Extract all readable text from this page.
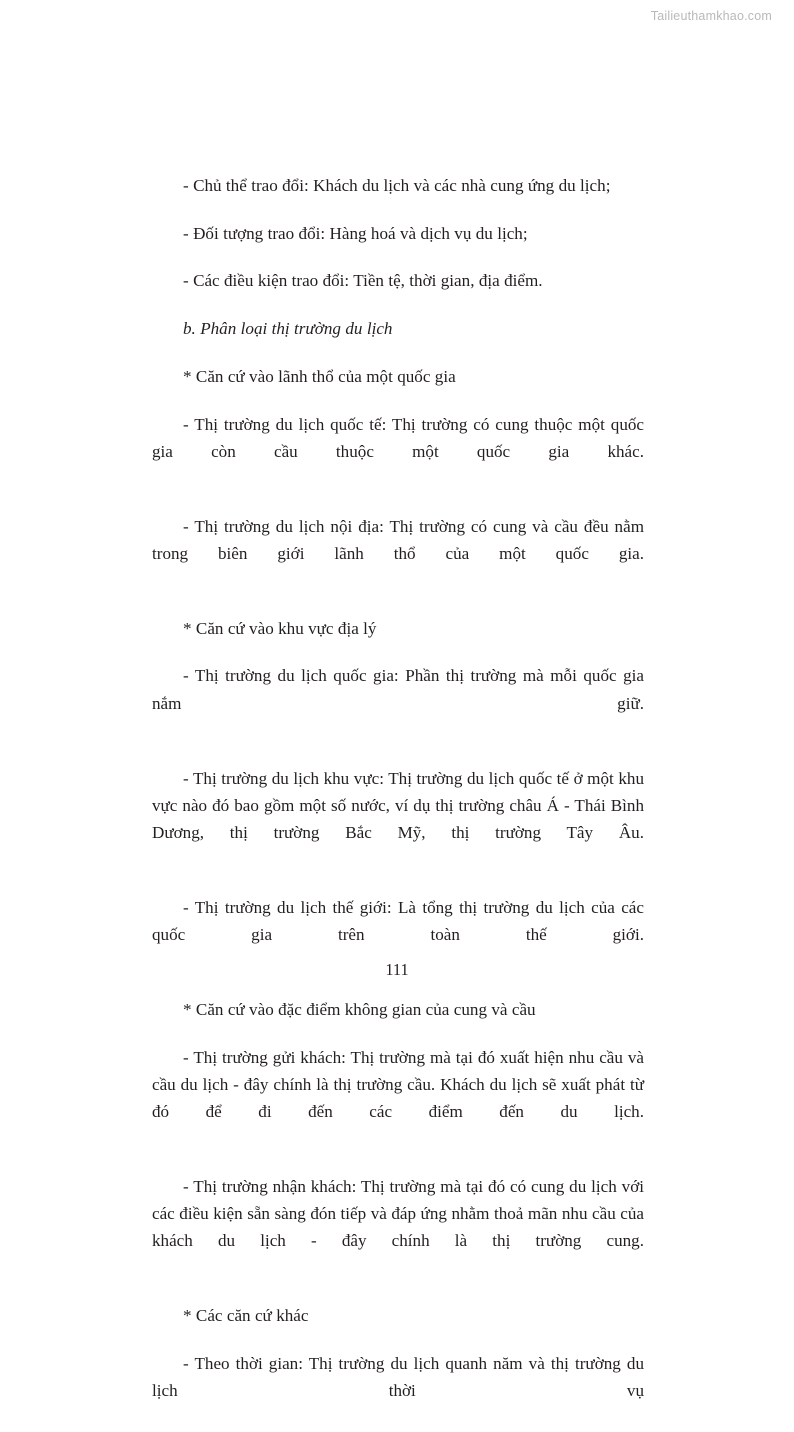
Tailieuthamkhao.com

- Chủ thể trao đổi: Khách du lịch và các nhà cung ứng du lịch;

- Đối tượng trao đổi: Hàng hoá và dịch vụ du lịch;

- Các điều kiện trao đổi: Tiền tệ, thời gian, địa điểm.

b. Phân loại thị trường du lịch

* Căn cứ vào lãnh thổ của một quốc gia

- Thị trường du lịch quốc tế: Thị trường có cung thuộc một quốc gia còn cầu thuộc một quốc gia khác.

- Thị trường du lịch nội địa: Thị trường có cung và cầu đều nằm trong biên giới lãnh thổ của một quốc gia.

* Căn cứ vào khu vực địa lý

- Thị trường du lịch quốc gia: Phần thị trường mà mỗi quốc gia nắm giữ.

- Thị trường du lịch khu vực: Thị trường du lịch quốc tế ở một khu vực nào đó bao gồm một số nước, ví dụ thị trường châu Á - Thái Bình Dương, thị trường Bắc Mỹ, thị trường Tây Âu.

- Thị trường du lịch thế giới: Là tổng thị trường du lịch của các quốc gia trên toàn thế giới.

* Căn cứ vào đặc điểm không gian của cung và cầu

- Thị trường gửi khách: Thị trường mà tại đó xuất hiện nhu cầu và cầu du lịch - đây chính là thị trường cầu. Khách du lịch sẽ xuất phát từ đó để đi đến các điểm đến du lịch.

- Thị trường nhận khách: Thị trường mà tại đó có cung du lịch với các điều kiện sẵn sàng đón tiếp và đáp ứng nhằm thoả mãn nhu cầu của khách du lịch - đây chính là thị trường cung.

* Các căn cứ khác

- Theo thời gian: Thị trường du lịch quanh năm và thị trường du lịch thời vụ

111
